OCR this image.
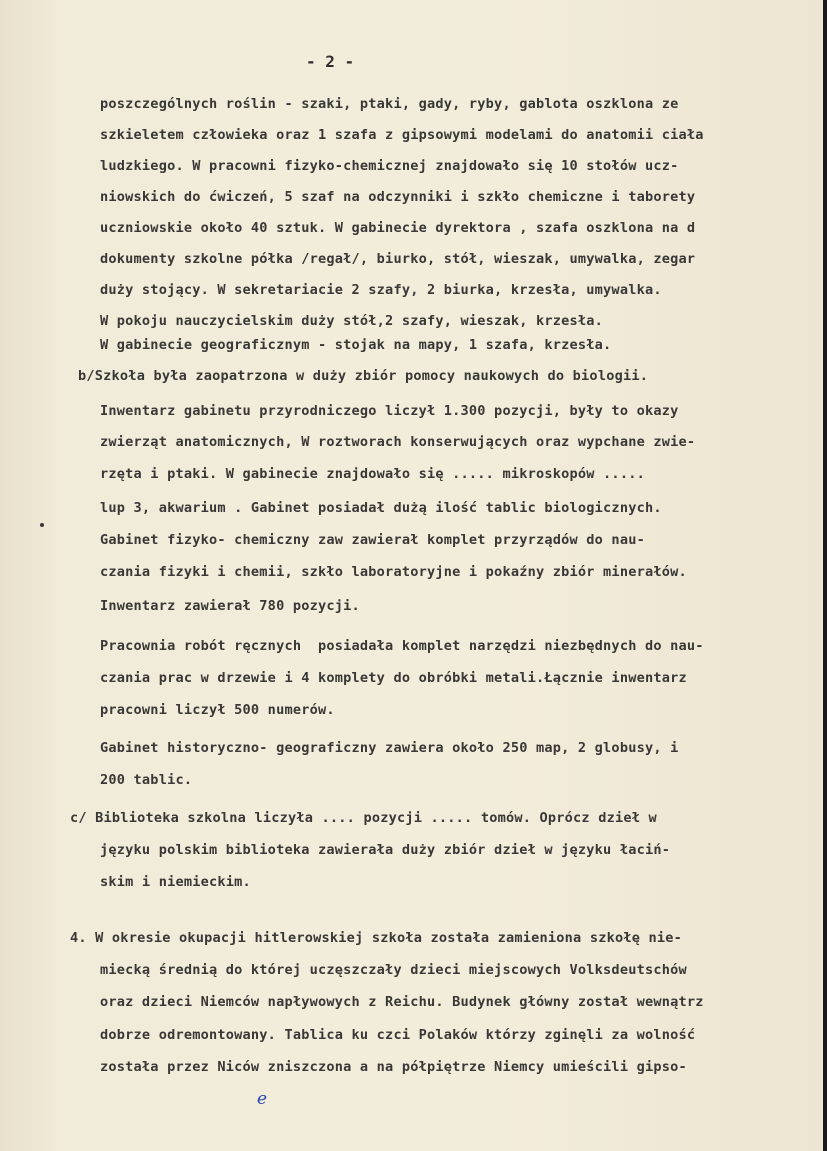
- 2 -
poszczególnych roślin - szaki, ptaki, gady, ryby, gablota oszklona ze
szkieletem człowieka oraz 1 szafa z gipsowymi modelami do anatomii ciała
ludzkiego. W pracowni fizyko-chemicznej znajdowało się 10 stołów ucz-
niowskich do ćwiczeń, 5 szaf na odczynniki i szkło chemiczne i taborety
uczniowskie około 40 sztuk. W gabinecie dyrektora , szafa oszklona na d
dokumenty szkolne półka /regał/, biurko, stół, wieszak, umywalka, zegar
duży stojący. W sekretariacie 2 szafy, 2 biurka, krzesła, umywalka.
W pokoju nauczycielskim duży stół,2 szafy, wieszak, krzesła.
W gabinecie geograficznym - stojak na mapy, 1 szafa, krzesła.
b/Szkoła była zaopatrzona w duży zbiór pomocy naukowych do biologii.
Inwentarz gabinetu przyrodniczego liczył 1.300 pozycji, były to okazy
zwierząt anatomicznych, W roztworach konserwujących oraz wypchane zwie-
rzęta i ptaki. W gabinecie znajdowało się ..... mikroskopów .....
lup 3, akwarium . Gabinet posiadał dużą ilość tablic biologicznych.
Gabinet fizyko- chemiczny zaw zawierał komplet przyrządów do nau-
czania fizyki i chemii, szkło laboratoryjne i pokaźny zbiór minerałów.
Inwentarz zawierał 780 pozycji.
Pracownia robót ręcznych  posiadała komplet narzędzi niezbędnych do nau-
czania prac w drzewie i 4 komplety do obróbki metali.Łącznie inwentarz
pracowni liczył 500 numerów.
Gabinet historyczno- geograficzny zawiera około 250 map, 2 globusy, i
200 tablic.
c/ Biblioteka szkolna liczyła .... pozycji ..... tomów. Oprócz dzieł w
języku polskim biblioteka zawierała duży zbiór dzieł w języku łaciń-
skim i niemieckim.
4. W okresie okupacji hitlerowskiej szkoła została zamieniona szkołę nie-
miecką średnią do której uczęszczały dzieci miejscowych Volksdeutschów
oraz dzieci Niemców napływowych z Reichu. Budynek główny został wewnątrz
dobrze odremontowany. Tablica ku czci Polaków którzy zginęli za wolność
została przez Niców zniszczona a na półpiętrze Niemcy umieścili gipso-
e
